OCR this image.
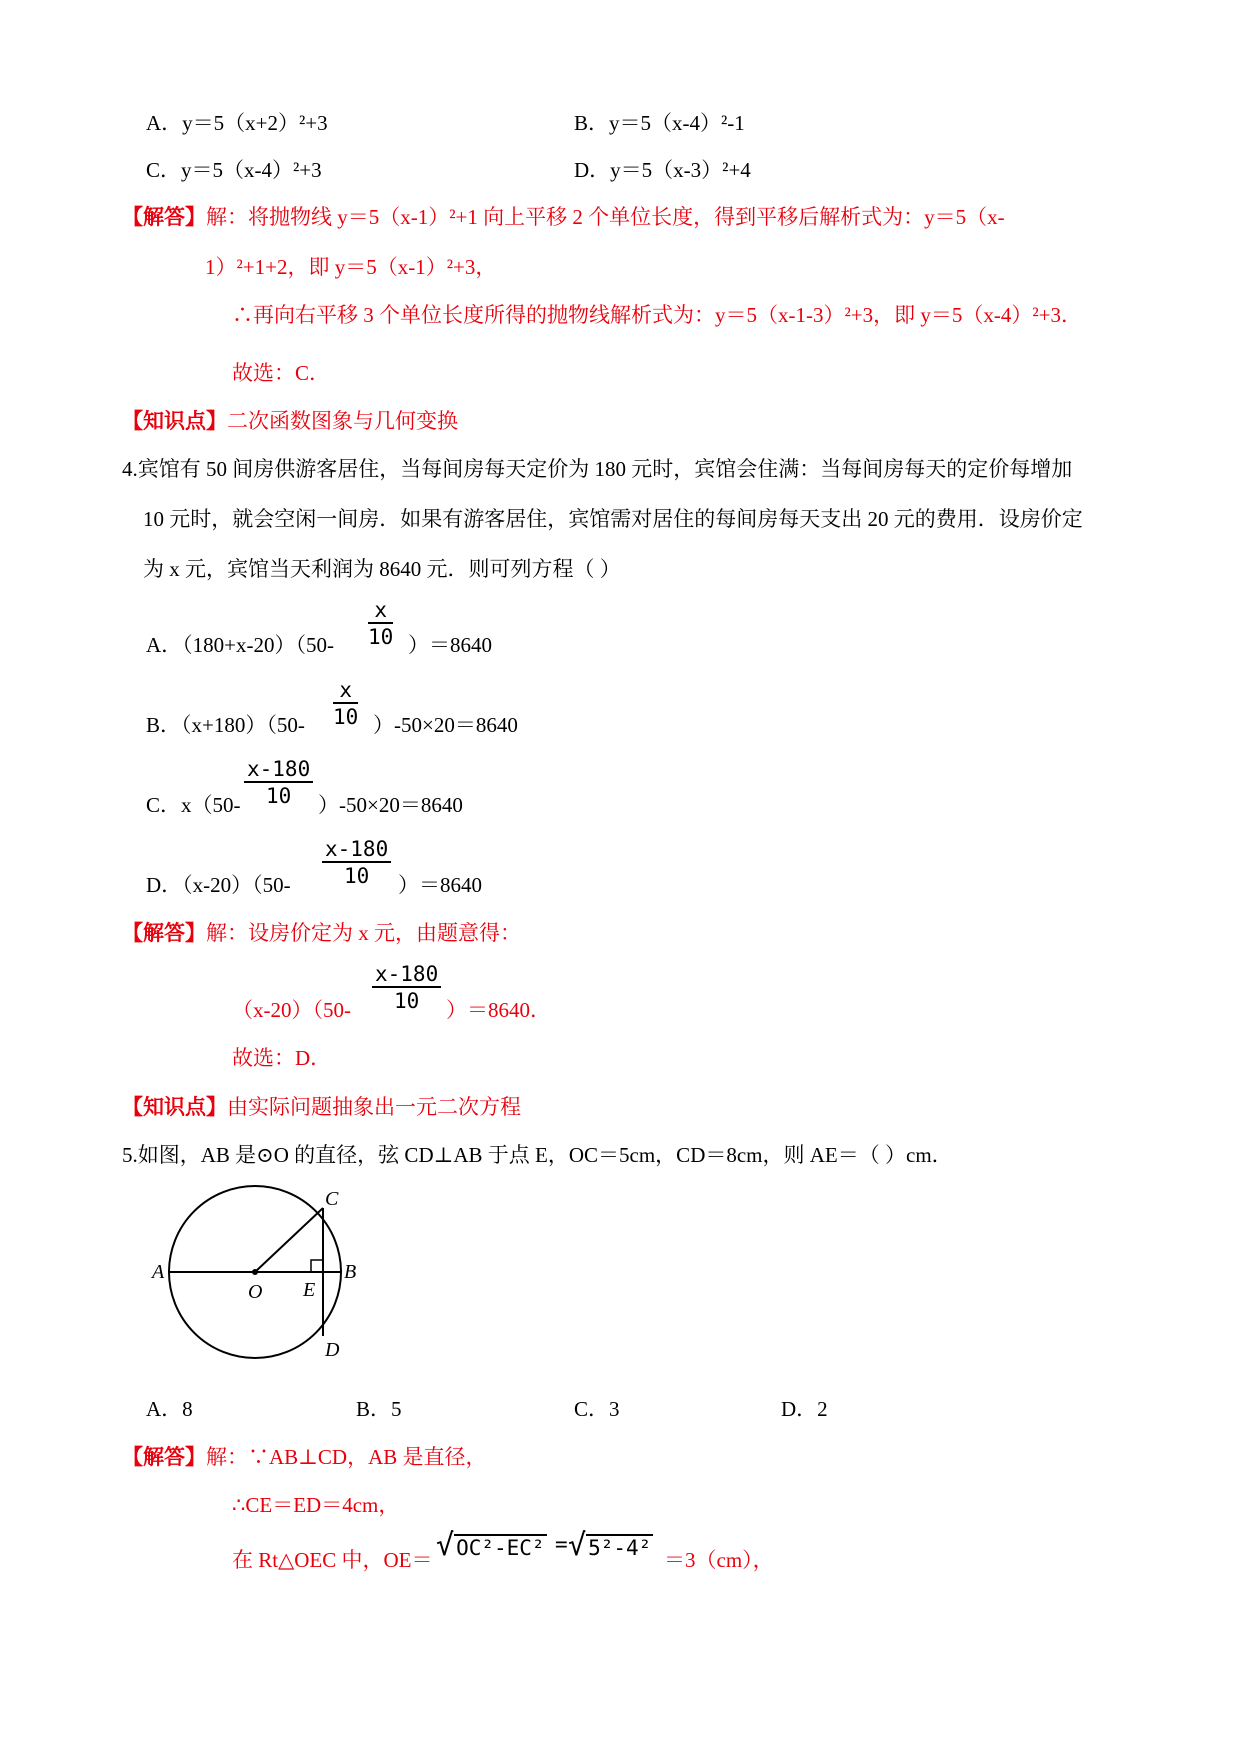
A．y＝5（x+2）²+3	B．y＝5（x-4）²-1
C．y＝5（x-4）²+3	D．y＝5（x-3）²+4
【解答】解：将抛物线 y＝5（x-1）²+1 向上平移 2 个单位长度，得到平移后解析式为：y＝5（x-
1）²+1+2，即 y＝5（x-1）²+3，
∴再向右平移 3 个单位长度所得的抛物线解析式为：y＝5（x-1-3）²+3，即 y＝5（x-4）²+3．
故选：C．
【知识点】二次函数图象与几何变换
4.宾馆有 50 间房供游客居住，当每间房每天定价为 180 元时，宾馆会住满：当每间房每天的定价每增加
10 元时，就会空闲一间房．如果有游客居住，宾馆需对居住的每间房每天支出 20 元的费用．设房价定
为 x 元，宾馆当天利润为 8640 元．则可列方程（ ）
A．$(180+x-20)(50- \frac{x}{10} )=8640$
B．$(x+180)(50- \frac{x}{10} )-50\times 20=8640$
C．$x(50- \frac{x-180}{10} )-50\times 20=8640$
D．$(x-20)(50- \frac{x-180}{10} )=8640$
【解答】解：设房价定为 x 元，由题意得：
$(x-20)(50- \frac{x-180}{10} )=8640$．
故选：D．
【知识点】由实际问题抽象出一元二次方程
5.如图，AB 是⊙O 的直径，弦 CD⊥AB 于点 E，OC＝5cm，CD＝8cm，则 AE＝（ ）cm．
A
O E
B
C
D
A．8	B．5	C．3	D．2
【解答】解：∵AB⊥CD，AB 是直径，
∴CE＝ED＝4cm，
在 Rt△OEC 中，OE＝ √OC²-EC² = √5²-4² ＝3（cm），
